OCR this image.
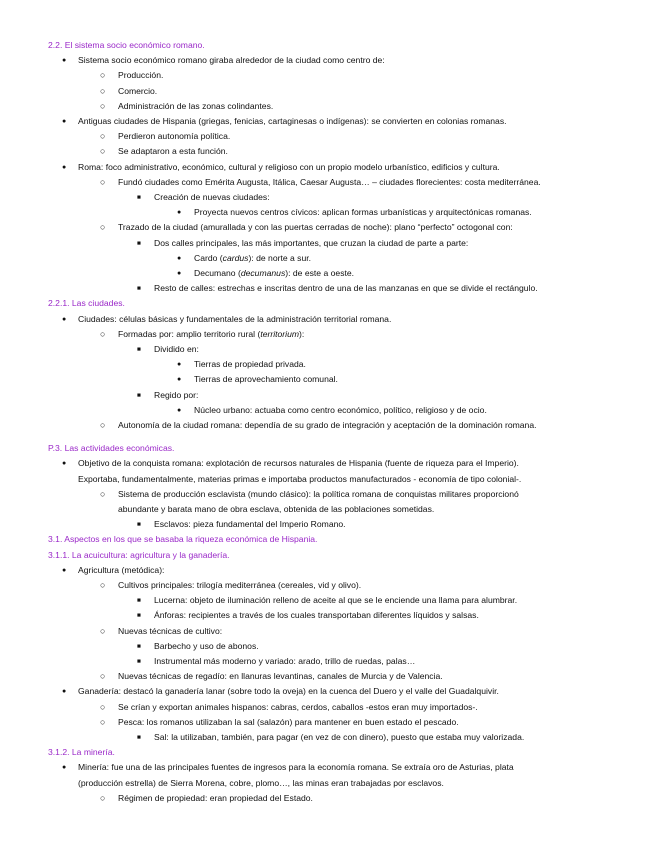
2.2. El sistema socio económico romano.
● Sistema socio económico romano giraba alrededor de la ciudad como centro de:
○ Producción.
○ Comercio.
○ Administración de las zonas colindantes.
● Antiguas ciudades de Hispania (griegas, fenicias, cartaginesas o indígenas): se convierten en colonias romanas.
○ Perdieron autonomía política.
○ Se adaptaron a esta función.
● Roma: foco administrativo, económico, cultural y religioso con un propio modelo urbanístico, edificios y cultura.
○ Fundó ciudades como Emérita Augusta, Itálica, Caesar Augusta… – ciudades florecientes: costa mediterránea.
■ Creación de nuevas ciudades:
● Proyecta nuevos centros cívicos: aplican formas urbanísticas y arquitectónicas romanas.
○ Trazado de la ciudad (amurallada y con las puertas cerradas de noche): plano “perfecto” octogonal con:
■ Dos calles principales, las más importantes, que cruzan la ciudad de parte a parte:
● Cardo (cardus): de norte a sur.
● Decumano (decumanus): de este a oeste.
■ Resto de calles: estrechas e inscritas dentro de una de las manzanas en que se divide el rectángulo.
2.2.1. Las ciudades.
● Ciudades: células básicas y fundamentales de la administración territorial romana.
○ Formadas por: amplio territorio rural (territorium):
■ Dividido en:
● Tierras de propiedad privada.
● Tierras de aprovechamiento comunal.
■ Regido por:
● Núcleo urbano: actuaba como centro económico, político, religioso y de ocio.
○ Autonomía de la ciudad romana: dependía de su grado de integración y aceptación de la dominación romana.
P.3. Las actividades económicas.
● Objetivo de la conquista romana: explotación de recursos naturales de Hispania (fuente de riqueza para el Imperio).
Exportaba, fundamentalmente, materias primas e importaba productos manufacturados - economía de tipo colonial-.
○ Sistema de producción esclavista (mundo clásico): la política romana de conquistas militares proporcionó
abundante y barata mano de obra esclava, obtenida de las poblaciones sometidas.
■ Esclavos: pieza fundamental del Imperio Romano.
3.1. Aspectos en los que se basaba la riqueza económica de Hispania.
3.1.1. La acuicultura: agricultura y la ganadería.
● Agricultura (metódica):
○ Cultivos principales: trilogía mediterránea (cereales, vid y olivo).
■ Lucerna: objeto de iluminación relleno de aceite al que se le enciende una llama para alumbrar.
■ Ánforas: recipientes a través de los cuales transportaban diferentes líquidos y salsas.
○ Nuevas técnicas de cultivo:
■ Barbecho y uso de abonos.
■ Instrumental más moderno y variado: arado, trillo de ruedas, palas…
○ Nuevas técnicas de regadío: en llanuras levantinas, canales de Murcia y de Valencia.
● Ganadería: destacó la ganadería lanar (sobre todo la oveja) en la cuenca del Duero y el valle del Guadalquivir.
○ Se crían y exportan animales hispanos: cabras, cerdos, caballos -estos eran muy importados-.
○ Pesca: los romanos utilizaban la sal (salazón) para mantener en buen estado el pescado.
■ Sal: la utilizaban, también, para pagar (en vez de con dinero), puesto que estaba muy valorizada.
3.1.2. La minería.
● Minería: fue una de las principales fuentes de ingresos para la economía romana. Se extraía oro de Asturias, plata
(producción estrella) de Sierra Morena, cobre, plomo…, las minas eran trabajadas por esclavos.
○ Régimen de propiedad: eran propiedad del Estado.
